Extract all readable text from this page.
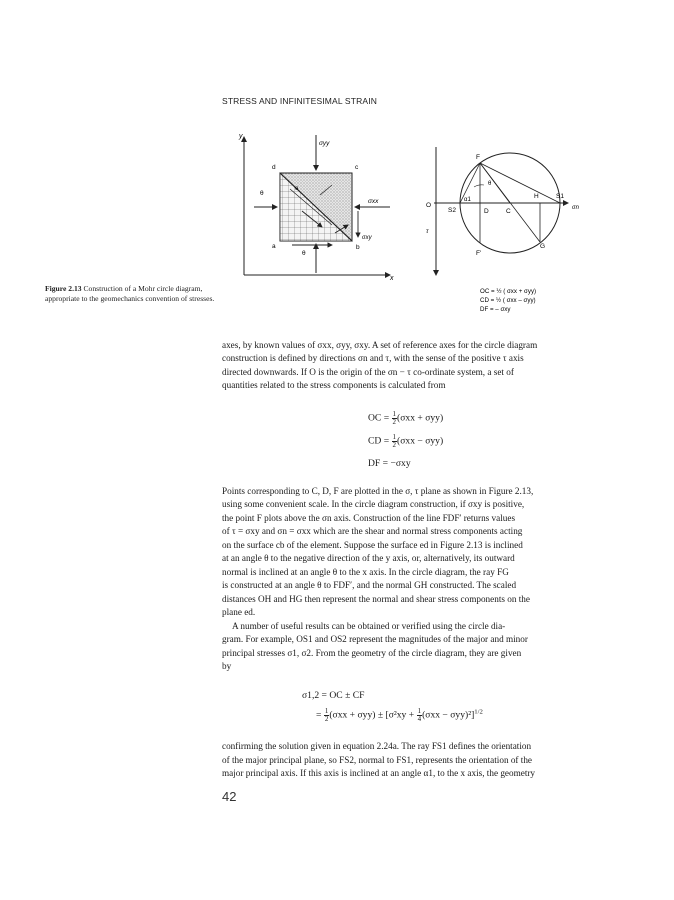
STRESS AND INFINITESIMAL STRAIN
y
x
σyy
σxx
σxy
d	c
a	b
e
θ
θ
F
F'
O
S1
S2
H
D	C
G
α1
θ
σn
τ
OC = ½ ( σxx + σyy)
CD = ½ ( σxx – σyy)
DF = – σxy
Figure 2.13 Construction of a Mohr circle diagram, appropriate to the geomechanics convention of stresses.
axes, by known values of σxx, σyy, σxy. A set of reference axes for the circle diagram
construction is defined by directions σn and τ, with the sense of the positive τ axis
directed downwards. If O is the origin of the σn − τ co-ordinate system, a set of
quantities related to the stress components is calculated from
OC = $\frac{1}{2} (\sigma xx + \sigma yy)$
CD = $\frac{1}{2} (\sigma xx - \sigma yy)$
DF = −σxy
Points corresponding to C, D, F are plotted in the σ, τ plane as shown in Figure 2.13,
using some convenient scale. In the circle diagram construction, if σxy is positive,
the point F plots above the σn axis. Construction of the line FDF′ returns values
of τ = σxy and σn = σxx which are the shear and normal stress components acting
on the surface cb of the element. Suppose the surface ed in Figure 2.13 is inclined
at an angle θ to the negative direction of the y axis, or, alternatively, its outward
normal is inclined at an angle θ to the x axis. In the circle diagram, the ray FG
is constructed at an angle θ to FDF′, and the normal GH constructed. The scaled
distances OH and HG then represent the normal and shear stress components on the
plane ed.
A number of useful results can be obtained or verified using the circle dia-
gram. For example, OS1 and OS2 represent the magnitudes of the major and minor
principal stresses σ1, σ2. From the geometry of the circle diagram, they are given
by
σ1,2 = OC ± CF
= $\frac{1}{2} (\sigma xx + \sigma yy) \pm [\sigma^2xy + \frac{1}{4} (\sigma xx - \sigma yy)^2]^{1/2}$
confirming the solution given in equation 2.24a. The ray FS1 defines the orientation
of the major principal plane, so FS2, normal to FS1, represents the orientation of the
major principal axis. If this axis is inclined at an angle α1, to the x axis, the geometry
42
